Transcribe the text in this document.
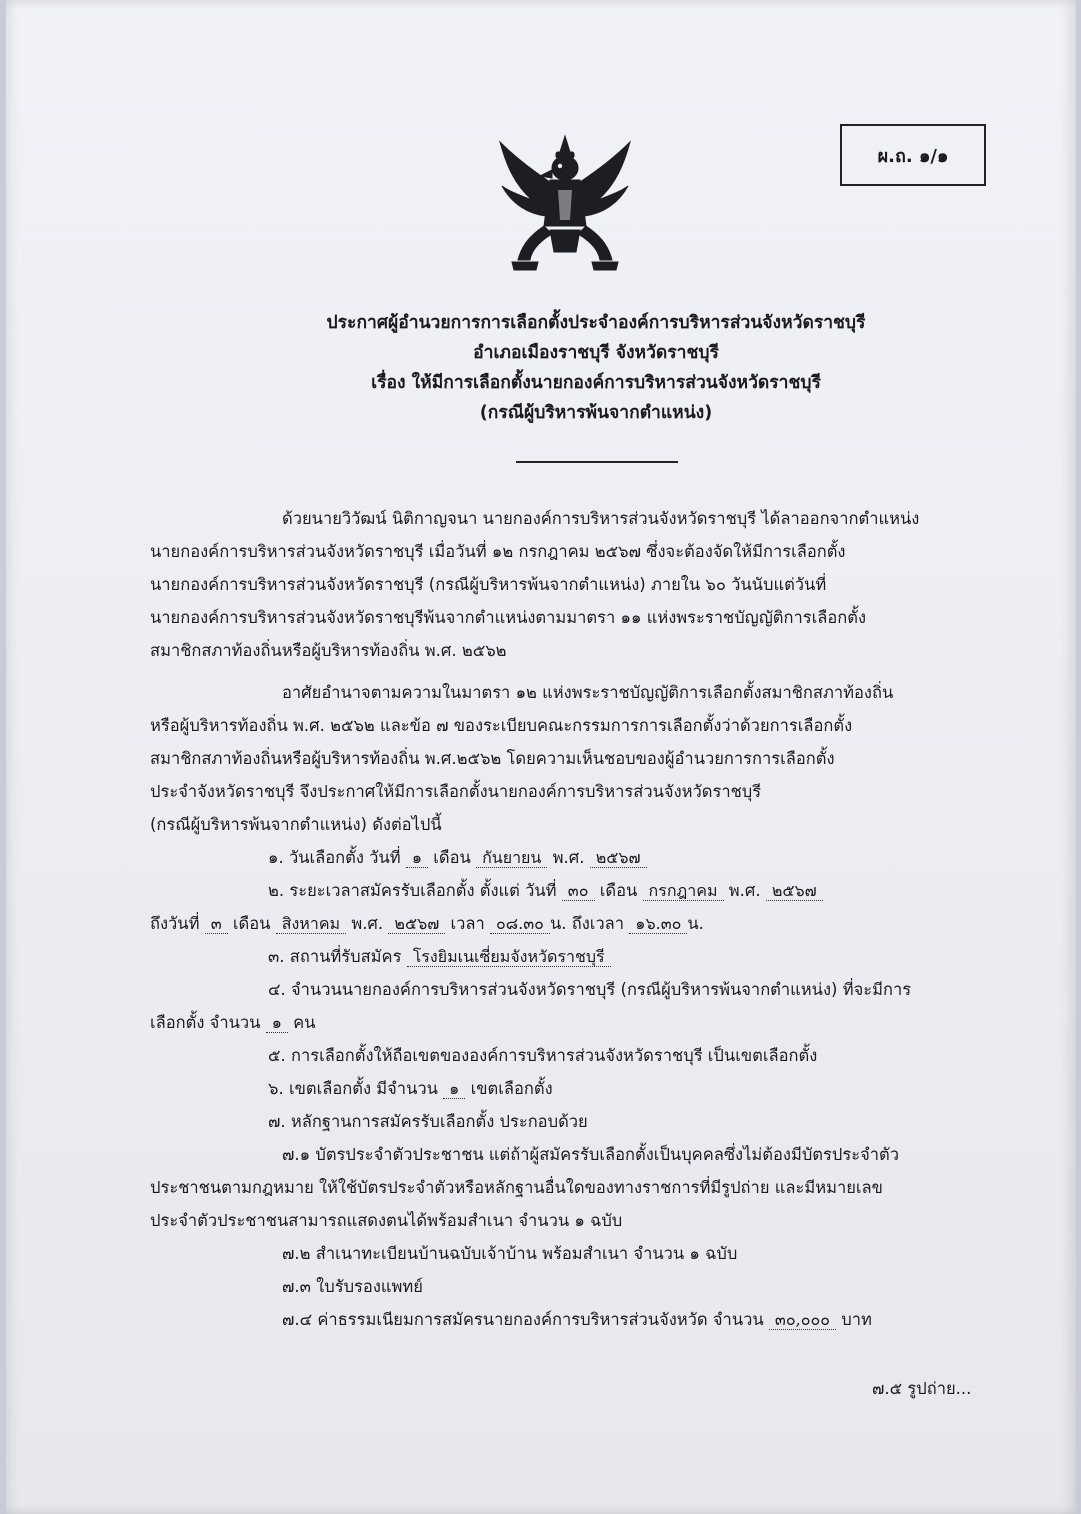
ผ.ถ. ๑/๑
ประกาศผู้อำนวยการการเลือกตั้งประจำองค์การบริหารส่วนจังหวัดราชบุรี
อำเภอเมืองราชบุรี จังหวัดราชบุรี
เรื่อง ให้มีการเลือกตั้งนายกองค์การบริหารส่วนจังหวัดราชบุรี
(กรณีผู้บริหารพ้นจากตำแหน่ง)
ด้วยนายวิวัฒน์ นิติกาญจนา นายกองค์การบริหารส่วนจังหวัดราชบุรี ได้ลาออกจากตำแหน่ง
นายกองค์การบริหารส่วนจังหวัดราชบุรี เมื่อวันที่ ๑๒ กรกฎาคม ๒๕๖๗ ซึ่งจะต้องจัดให้มีการเลือกตั้ง
นายกองค์การบริหารส่วนจังหวัดราชบุรี (กรณีผู้บริหารพ้นจากตำแหน่ง) ภายใน ๖๐ วันนับแต่วันที่
นายกองค์การบริหารส่วนจังหวัดราชบุรีพ้นจากตำแหน่งตามมาตรา ๑๑ แห่งพระราชบัญญัติการเลือกตั้ง
สมาชิกสภาท้องถิ่นหรือผู้บริหารท้องถิ่น พ.ศ. ๒๕๖๒
อาศัยอำนาจตามความในมาตรา ๑๒ แห่งพระราชบัญญัติการเลือกตั้งสมาชิกสภาท้องถิ่น
หรือผู้บริหารท้องถิ่น พ.ศ. ๒๕๖๒ และข้อ ๗ ของระเบียบคณะกรรมการการเลือกตั้งว่าด้วยการเลือกตั้ง
สมาชิกสภาท้องถิ่นหรือผู้บริหารท้องถิ่น พ.ศ.๒๕๖๒ โดยความเห็นชอบของผู้อำนวยการการเลือกตั้ง
ประจำจังหวัดราชบุรี จึงประกาศให้มีการเลือกตั้งนายกองค์การบริหารส่วนจังหวัดราชบุรี
(กรณีผู้บริหารพ้นจากตำแหน่ง) ดังต่อไปนี้
๑. วันเลือกตั้ง วันที่ ๑ เดือน กันยายน พ.ศ. ๒๕๖๗
๒. ระยะเวลาสมัครรับเลือกตั้ง ตั้งแต่ วันที่ ๓๐ เดือน กรกฎาคม พ.ศ. ๒๕๖๗
ถึงวันที่ ๓ เดือน สิงหาคม พ.ศ. ๒๕๖๗ เวลา ๐๘.๓๐ น. ถึงเวลา ๑๖.๓๐ น.
๓. สถานที่รับสมัคร โรงยิมเนเซี่ยมจังหวัดราชบุรี
๔. จำนวนนายกองค์การบริหารส่วนจังหวัดราชบุรี (กรณีผู้บริหารพ้นจากตำแหน่ง) ที่จะมีการ
เลือกตั้ง จำนวน ๑ คน
๕. การเลือกตั้งให้ถือเขตขององค์การบริหารส่วนจังหวัดราชบุรี เป็นเขตเลือกตั้ง
๖. เขตเลือกตั้ง มีจำนวน ๑ เขตเลือกตั้ง
๗. หลักฐานการสมัครรับเลือกตั้ง ประกอบด้วย
๗.๑ บัตรประจำตัวประชาชน แต่ถ้าผู้สมัครรับเลือกตั้งเป็นบุคคลซึ่งไม่ต้องมีบัตรประจำตัว
ประชาชนตามกฎหมาย ให้ใช้บัตรประจำตัวหรือหลักฐานอื่นใดของทางราชการที่มีรูปถ่าย และมีหมายเลข
ประจำตัวประชาชนสามารถแสดงตนได้พร้อมสำเนา จำนวน ๑ ฉบับ
๗.๒ สำเนาทะเบียนบ้านฉบับเจ้าบ้าน พร้อมสำเนา จำนวน ๑ ฉบับ
๗.๓ ใบรับรองแพทย์
๗.๔ ค่าธรรมเนียมการสมัครนายกองค์การบริหารส่วนจังหวัด จำนวน ๓๐,๐๐๐ บาท
๗.๕ รูปถ่าย...
